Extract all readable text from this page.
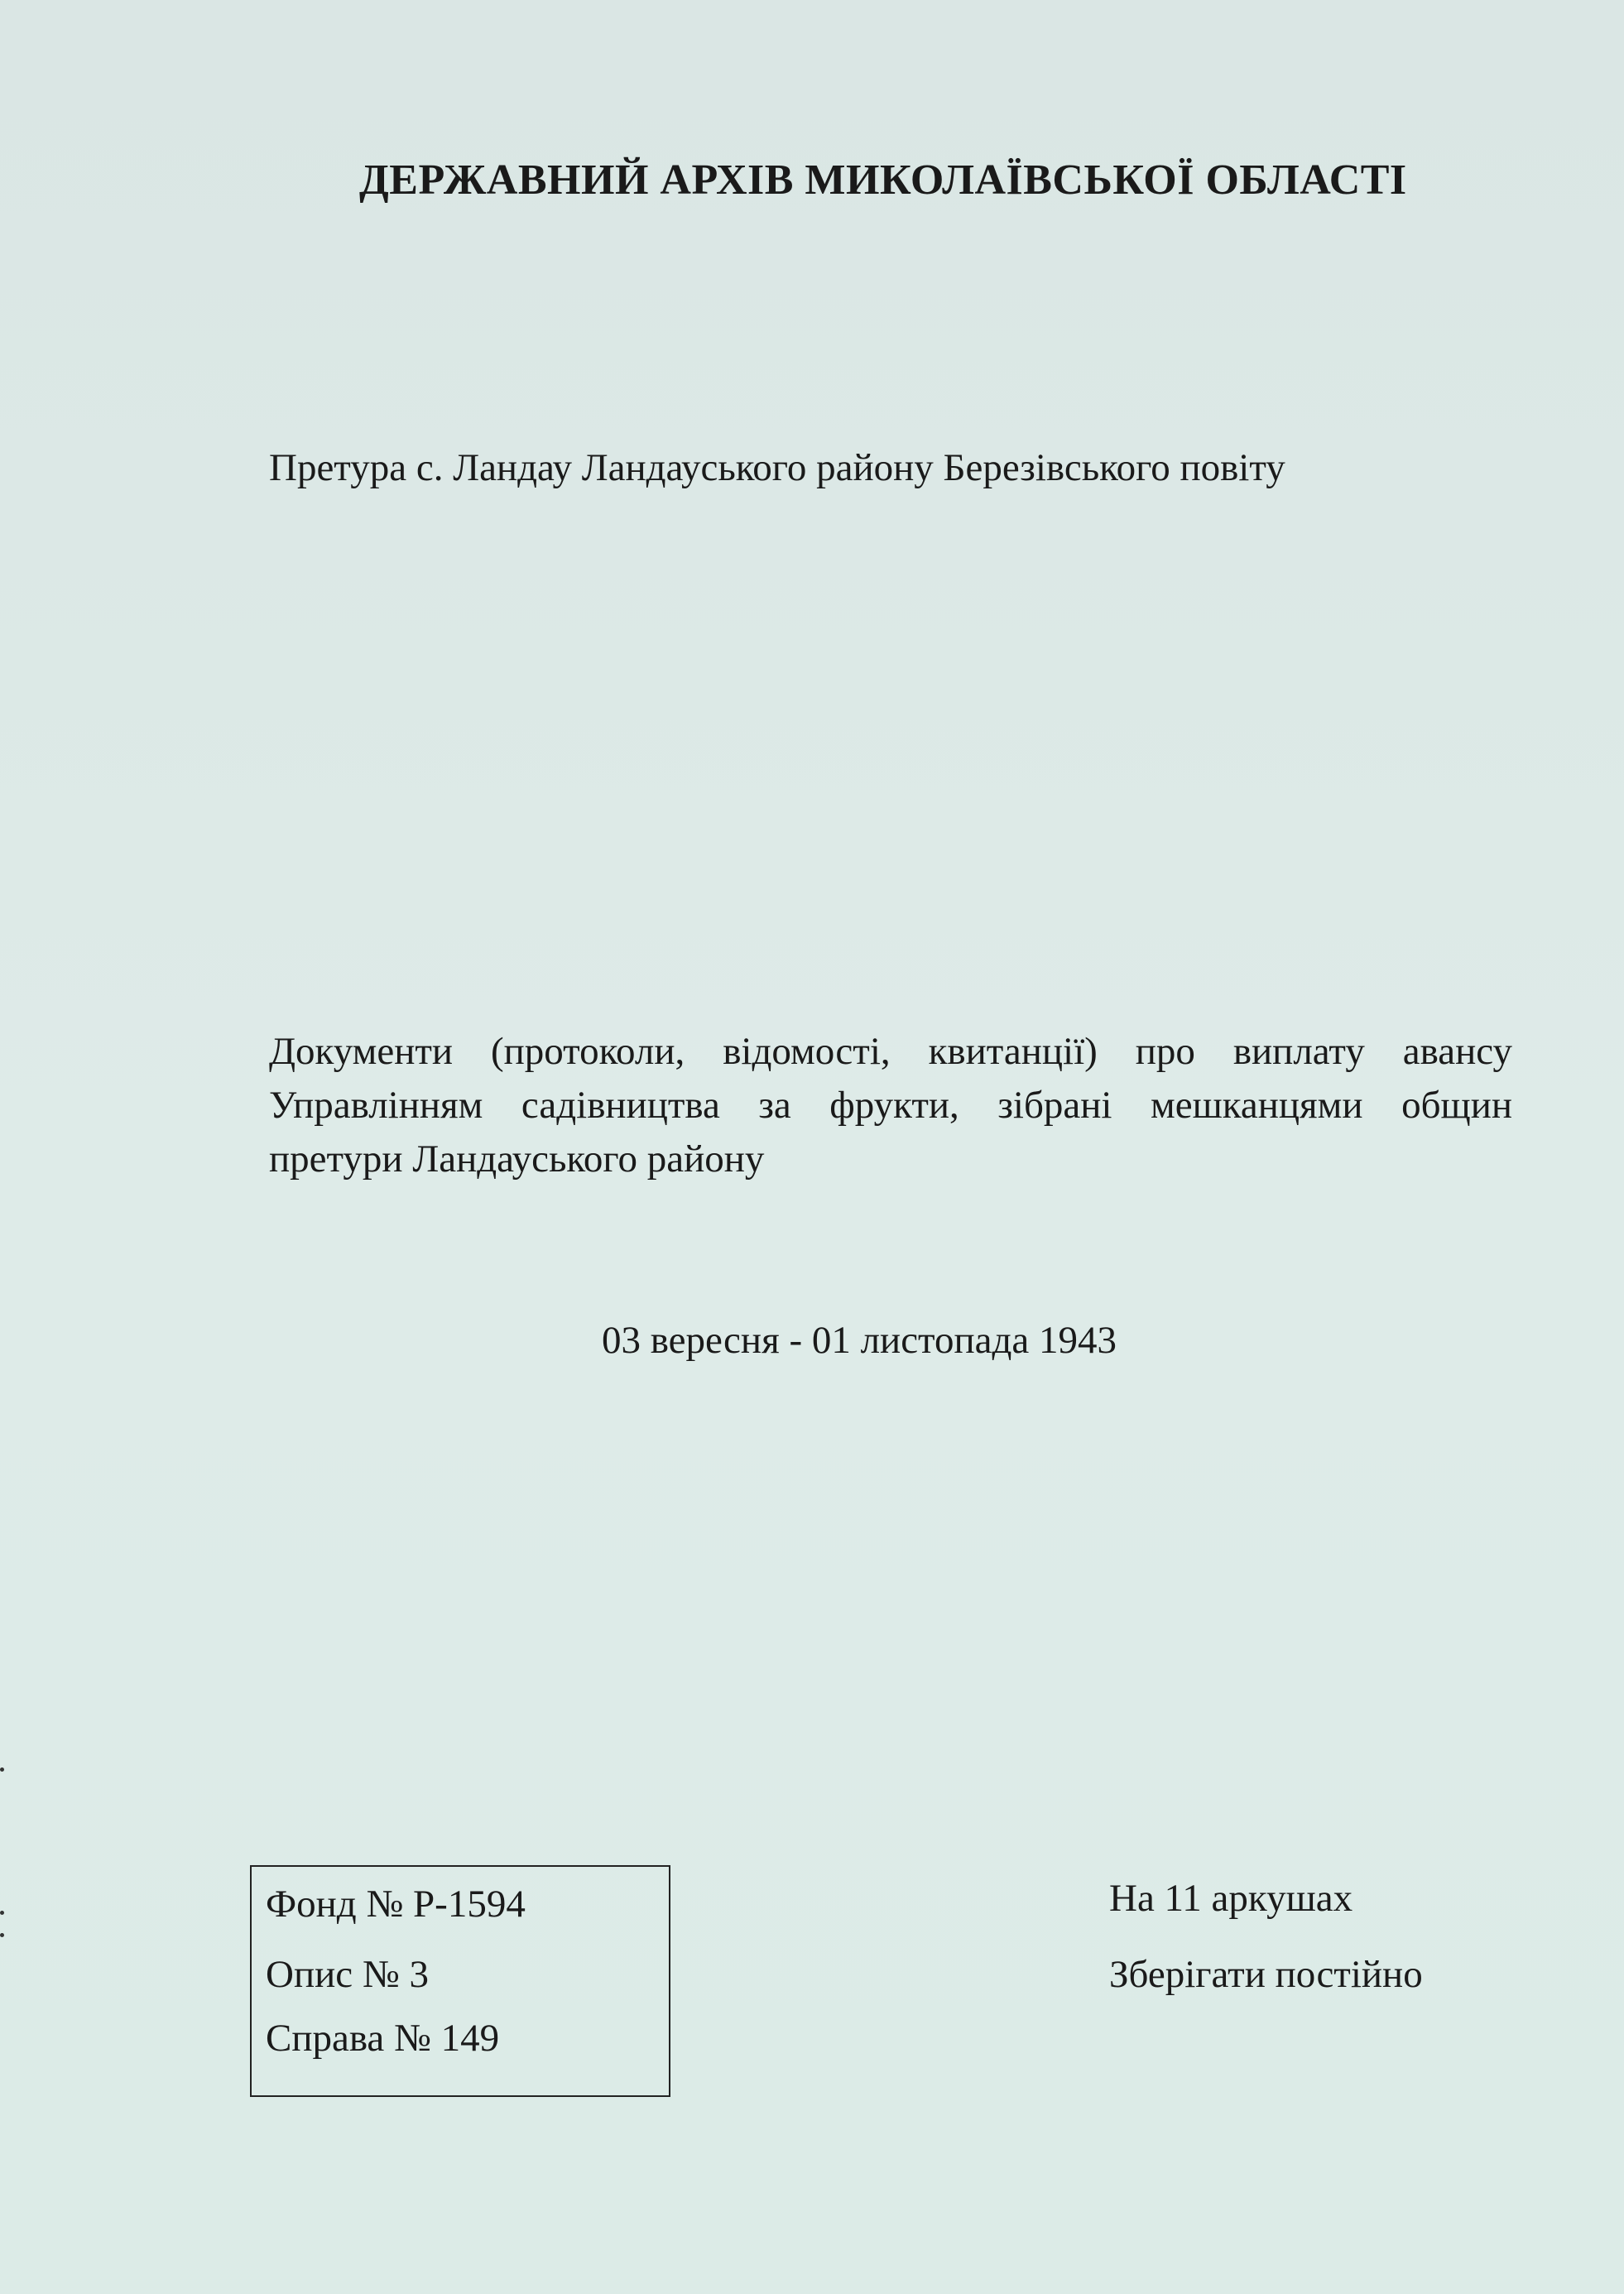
ДЕРЖАВНИЙ АРХІВ МИКОЛАЇВСЬКОЇ ОБЛАСТІ
Претура с. Ландау Ландауського району Березівського повіту
Документи (протоколи, відомості, квитанції) про виплату авансу
Управлінням садівництва за фрукти, зібрані мешканцями общин
претури Ландауського району
03 вересня - 01 листопада 1943
Фонд № Р-1594
Опис № 3
Справа № 149
На 11 аркушах
Зберігати постійно
